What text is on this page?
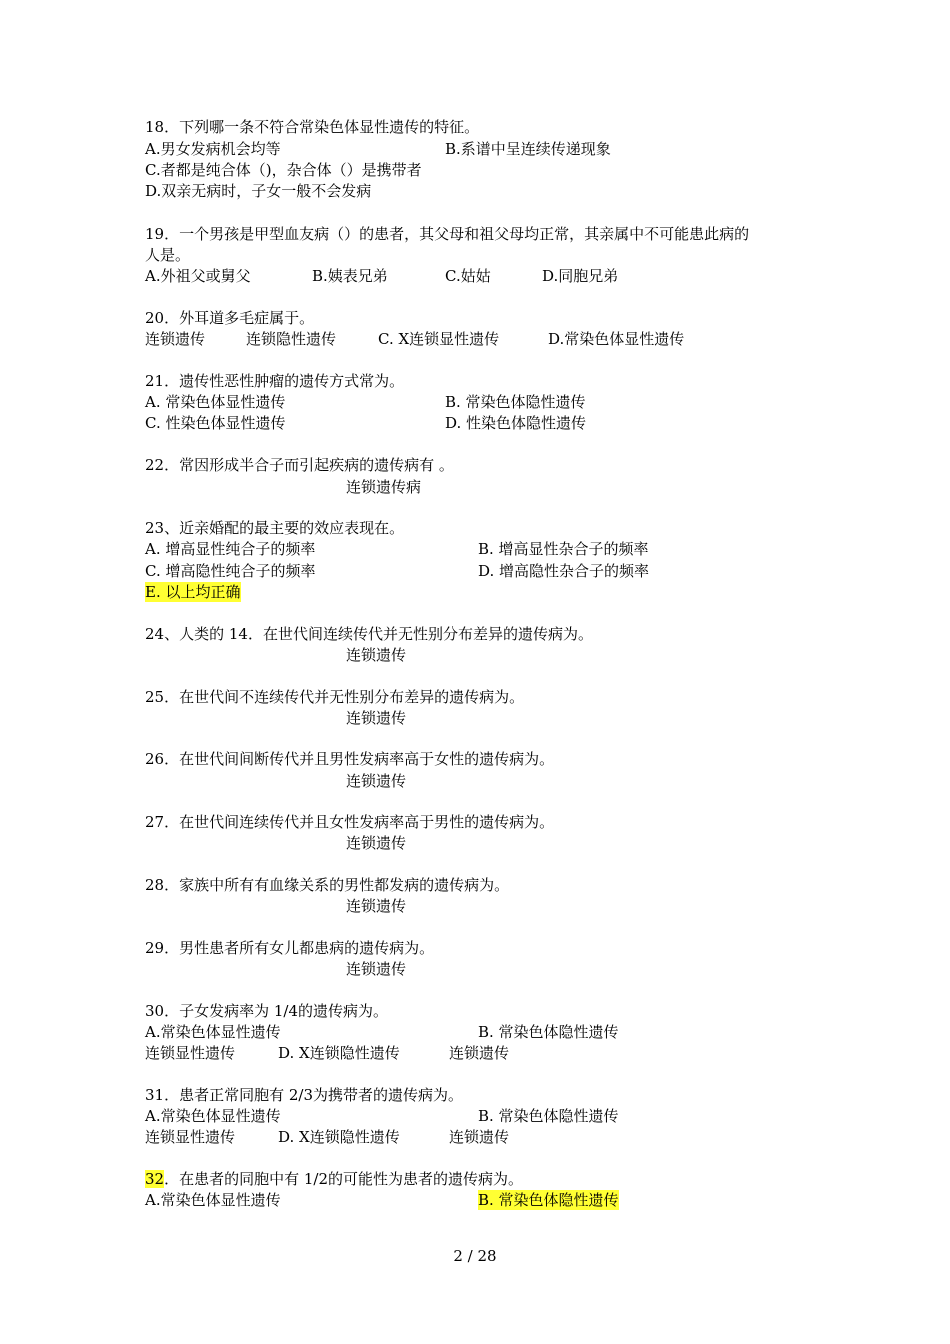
18．下列哪一条不符合常染色体显性遗传的特征。
A.男女发病机会均等	B.系谱中呈连续传递现象
C.者都是纯合体（)，杂合体（）是携带者
D.双亲无病时，子女一般不会发病
19．一个男孩是甲型血友病（）的患者，其父母和祖父母均正常，其亲属中不可能患此病的
人是。
A.外祖父或舅父	B.姨表兄弟	C.姑姑	D.同胞兄弟
20．外耳道多毛症属于。
连锁遗传	连锁隐性遗传	C. X连锁显性遗传	D.常染色体显性遗传
21．遗传性恶性肿瘤的遗传方式常为。
A. 常染色体显性遗传	B. 常染色体隐性遗传
C. 性染色体显性遗传	D. 性染色体隐性遗传
22．常因形成半合子而引起疾病的遗传病有 。
连锁遗传病
23、近亲婚配的最主要的效应表现在。
A. 增高显性纯合子的频率	B. 增高显性杂合子的频率
C. 增高隐性纯合子的频率	D. 增高隐性杂合子的频率
E. 以上均正确
24、人类的 14．在世代间连续传代并无性别分布差异的遗传病为。
连锁遗传
25．在世代间不连续传代并无性别分布差异的遗传病为。
连锁遗传
26．在世代间间断传代并且男性发病率高于女性的遗传病为。
连锁遗传
27．在世代间连续传代并且女性发病率高于男性的遗传病为。
连锁遗传
28．家族中所有有血缘关系的男性都发病的遗传病为。
连锁遗传
29．男性患者所有女儿都患病的遗传病为。
连锁遗传
30．子女发病率为 1/4的遗传病为。
A.常染色体显性遗传	B. 常染色体隐性遗传
连锁显性遗传	D. X连锁隐性遗传	连锁遗传
31．患者正常同胞有 2/3为携带者的遗传病为。
A.常染色体显性遗传	B. 常染色体隐性遗传
连锁显性遗传	D. X连锁隐性遗传	连锁遗传
32．在患者的同胞中有 1/2的可能性为患者的遗传病为。
A.常染色体显性遗传	B. 常染色体隐性遗传
2 / 28
